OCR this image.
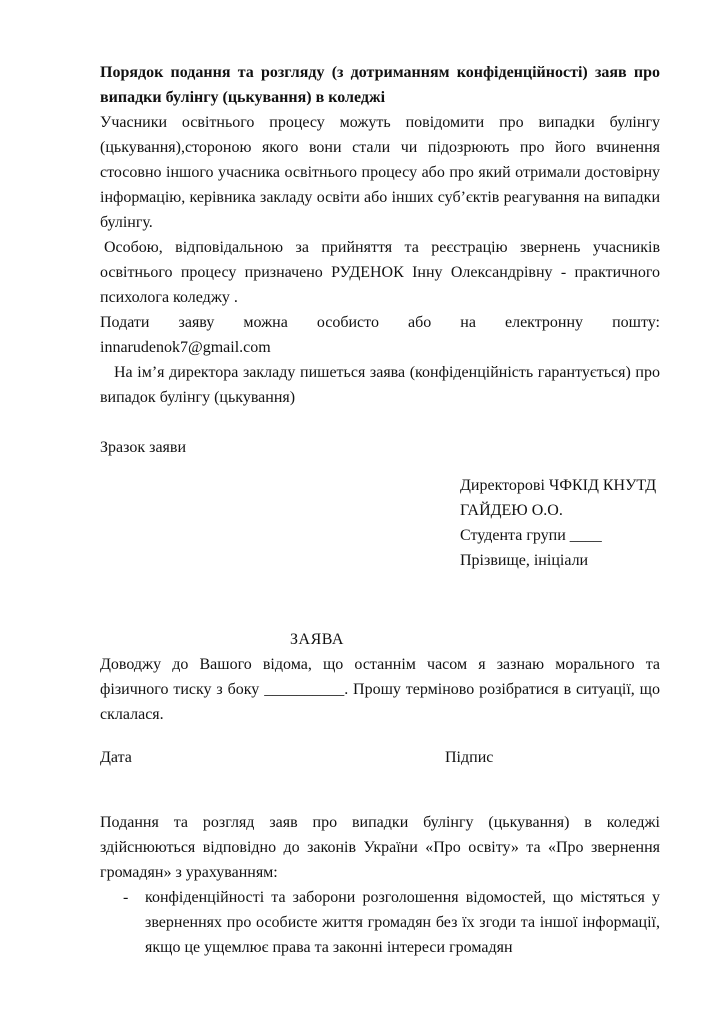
Порядок подання та розгляду (з дотриманням конфіденційності) заяв про випадки булінгу (цькування) в коледжі

Учасники освітнього процесу можуть повідомити про випадки булінгу (цькування),стороною якого вони стали чи підозрюють про його вчинення стосовно іншого учасника освітнього процесу або про який отримали достовірну інформацію, керівника закладу освіти або інших суб’єктів реагування на випадки булінгу.

Особою, відповідальною за прийняття та реєстрацію звернень учасників освітнього процесу призначено РУДЕНОК Інну Олександрівну - практичного психолога коледжу .

Подати заяву можна особисто або на електронну пошту:
innarudenok7@gmail.com

На ім’я директора закладу пишеться заява (конфіденційність гарантується) про випадок булінгу (цькування)

Зразок заяви
Директорові ЧФКІД КНУТД
ГАЙДЕЮ О.О.
Студента групи ____
Прізвище, ініціали
ЗАЯВА

Доводжу до Вашого відома, що останнім часом я зазнаю морального та фізичного тиску з боку __________. Прошу терміново розібратися в ситуації, що склалася.

Дата	Підпис

Подання та розгляд заяв про випадки булінгу (цькування) в коледжі здійснюються відповідно до законів України «Про освіту» та «Про звернення громадян» з урахуванням:

- конфіденційності та заборони розголошення відомостей, що містяться у зверненнях про особисте життя громадян без їх згоди та іншої інформації, якщо це ущемлює права та законні інтереси громадян
